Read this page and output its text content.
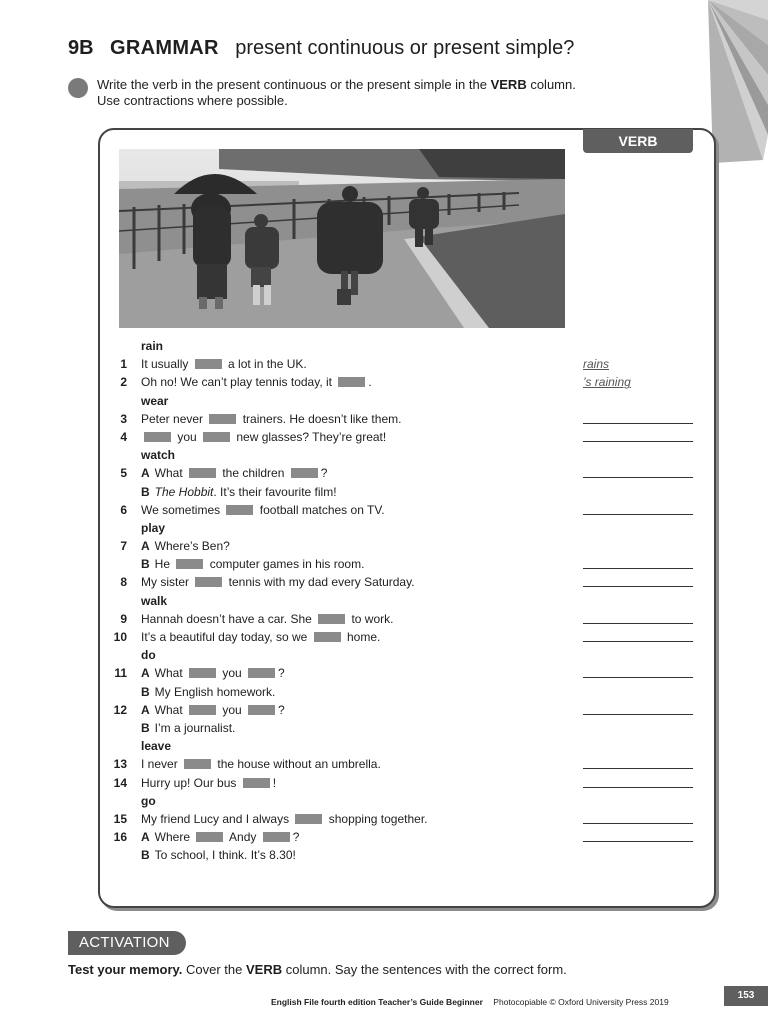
9B GRAMMAR present continuous or present simple?
Write the verb in the present continuous or the present simple in the VERB column.
Use contractions where possible.
VERB
rain
1 It usually	a lot in the UK.	rains
2 Oh no! We can’t play tennis today, it	.	’s raining
wear
3 Peter never	trainers. He doesn’t like them.
4	you	new glasses? They’re great!
watch
5 A What	the children	?
B The Hobbit. It’s their favourite film!
6 We sometimes	football matches on TV.
play
7 A Where’s Ben?
B He	computer games in his room.
8 My sister	tennis with my dad every Saturday.
walk
9 Hannah doesn’t have a car. She	to work.
10 It’s a beautiful day today, so we	home.
do
11 A What	you	?
B My English homework.
12 A What	you	?
B I’m a journalist.
leave
13 I never	the house without an umbrella.
14 Hurry up! Our bus	!
go
15 My friend Lucy and I always	shopping together.
16 A Where	Andy	?
B To school, I think. It’s 8.30!
ACTIVATION
Test your memory. Cover the VERB column. Say the sentences with the correct form.
English File fourth edition Teacher’s Guide Beginner Photocopiable © Oxford University Press 2019
153
